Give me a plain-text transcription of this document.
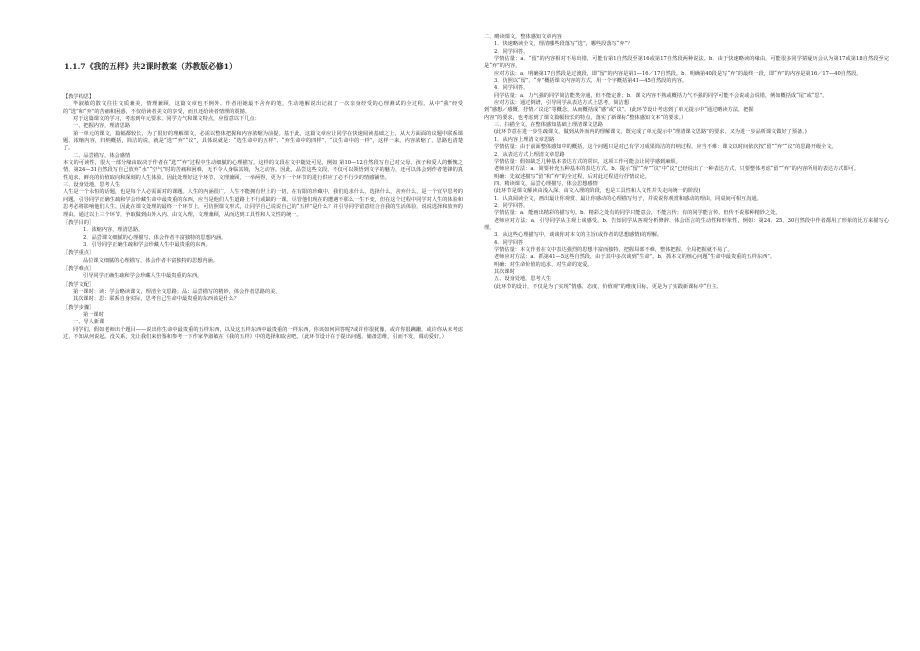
1.1.7《我的五样》共2课时教案（苏教版必修1）

【教学构思】

毕淑敏的散文往往文质兼美，情理兼顾，这篇文章也不例外。作者用她最不舍弃的笔，生动地解说出记叙了一次亲身经受的心理测试的全过程。从中“我”经受的“选”和“弃”的苦痛和困惑，不仅给读者美文的享受，而且还给读者情理的震撼。

对于这篇课文的学习，考虑到年元要求、同学力气和课文特点，应留意以下几点：

一、把握内容，理清思路

第一单元的课文，篇幅都较长，为了很好的理解课文，必需以整体把握和内容浓缩为前提。基于此，这篇文章应让同学在快速阅读基础之上，从大方面面的议题中联系课题、浓缩内容，归纳概括，简洁的说，就是“选”“弃”“议”，具体说就是：“选生命中的五样”、“弃生命中的四样”、“议生命中的一样”，这样一来，内容浓缩了，思路也清楚了。

二、品尝描写，体会感情

本文的可读性，很大一部分缘由取决于作者在“选”“弃”过程中生动细腻的心理描写。这样的文段在文中随处可见，例如 第10—12自然段写自己对父母、孩子和爱人的惭愧之情，第24—31自然段写自己放弃“水”“空气”时的苦痛和困难，无不令人身临其境，为之动容。因此，品尝这些文段，不仅可以领悟到文字的魅力，还可以体会到作者笔锋的真性追求、鲜亮的价值取向和深刻的人生体验。因此处理好这个环节，文理兼顾，一举两得，更为下一个环节的进行供应了必不行少的情感铺垫。

三、设身处地，思考人生

人生是一个永恒的话题，也是每个人必需面对的课题。人生的内涵很广，人生不能拥有世上的一切，在有限的珍藏中，我们追求什么，选择什么，舍弃什么，是一个宜早思考的问题。引导同学正确生疏和学会珍藏生命中最贵重的东西，应当是他们人生道路上不行或缺的一课。尽管他们现在的遭遇不那么一生不变，但在这个过程中同学对人生的体验和思考必将影响他们人生。因此在课文处理的最终一个环节上，可仿照课文形式，让同学自己说说自己的“五样”是什么？并引导同学留意结合自我的生活体验，说说选择和放弃的理由。通过以上三个环节，争取做到由外入内、由文入理，文理兼顾，从而达到工具性和人文性的统一。

［教学目的］

1．浓缩内容，理清思路。

2．品尝课文细腻的心理描写，体会作者丰富独特的思想内涵。

3．引导同学正确生疏和学会珍藏人生中最贵重的东西。

［教学重点］

品位课文细腻的心理描写，体会作者丰富独特的思想内涵。

［教学难点］

引导同学正确生疏和学会珍藏人生中最贵重的东西。

［教学文配］

第一课时：读：学会略读课文，理清全文思路；品：品尝描写的精妙，体会作者思路的美。

其次课时：思：联系自身实际，思考自己生命中最贵重的东西该是什么？

［教学步骤］

第一课时

一、导人新课

同学们，假如老师出个题目——说出你生命中最贵重的五样东西，以及这五样东西中最贵重的一样东西，你该如何回答呢?或许你很犹豫，或许你很蹒跚，或许你从未考虑过，不知从何说起。没关系，先让我们来倍鉴和参考一下作家毕淑敏在《我的五样》中的选择和取舍吧。（此环节设计在于提出问题，储备思维，引而不发，调动爱好。）

二、略读课文，整体感知文章内容

1．快速略读全文，理清哪些段落写“选”，哪些段落写“弃”？

2．同学回答。

学情估量：a．“留”的内容相对不易出错，可能有第1自然段至第16或第17自然段两种说法。b．由于快速略读的缘由，可能很多同学猜疑历会认为第17或第18自然段至完是“弃”的内容。

应对方法：a．明确第17自然段是过渡段，即“留”的内容是第1—16／17自然段。b．明确第40段是写“弃”的最终一段，即“弃”的内容是第16／17—40自然段。

3．仿照以“留”、“弃”概括课文内容的方式，用一个字概括第41—45自然段的内容。

4．同学回答。

同学估量：a．力气强的同学简洁能类旁通，但不能定准；b．课文内容不熟或概括力气不强的同学可能不会说或会说错，例如概括成“尾”或“思”。

应对方法：通过倒谱，引导同学从表达方式上思考，简洁想

到“感想／感慨、抒情／议论”等概念，从而概括成“感”或“议”。(此环节设计考虑到了单元提示中“通过略读方法，把握

内容”的要求，也考虑到了课文篇幅较长的特点，落实了新课标“整体感知文本”的要求。）

三、扫描全文，在整体感知基础上理清课文思路

(此环节意在进一步生疏课文，做到从外而内的理解课文，既完成了单元提示中“理清课文思路”的要求，又为进一步品析课文做好了预备。)

1．从内容上理清文章思路

学情估量：由于前面整体感知中的概括，这个问题只是对已有学习成果简洁的归纳过程，应当不难：课文以时间依次按“留”“弃”“议”的思路开级全文。

2．从表达方式上理清文章思路

学情估量：假如缺乏几种基本表达方式的常识，这项工作可能会让同学感到麻烦。

老师应对方法：a．简要补充五种基本的表达方式。b．提示“留”“弃”“议”中“议”已经说出了一种表达方式，只要整体考虑“留”“弃”的内容所用的表达方式即可。

明确：先叙述描写“留”和“弃”的全过程，后对此过程进行抒情议论。

四、精读课文，品尝心理描写，体会思想感情

(此环节是课文解读由浅入深、由文入理的阶段，也是工具性和人文性并失走向统一的阶段)

1．认真阅读全文，画出最让你观赏、最让你感动的心理描写句子，并说说你观赏和感动的理由，同桌间可相互沟通。

2．同学回答。

学情估量：a．能画出精彩的描写句。b．精彩之处有的同学只能意会，不能言传；有的同学能言传，但传不说那种精妙之处。

老师应对方法：a．引导同学从主观上谈感受。b．告知同学从客观分析修辞、体会语言的生动性和形象性，例如：第24、25、30自然段中作者都用了形象的比方来描写心理。

3．从这些心理描写中，谈谈你对本文的主旨(或作者的思想感情)的理解。

4．同学回答

学情估量：本文作者在文中表达强烈的思想丰富而独特，把握局部不难，整体把握、全局把握就不易了。

老师应对方法：a．抓第41—5这些自然段，由于其中多次谈到“生命”。b．抓本文的核心问题“生命中最贵重的五样东西”。

明确：对生命价值的追求、对生命的宠爱。

其次课时

五、设身处地，思考人生

(此环节的设计，不仅是为了实现“情感、态度、价值观”的维度目标，更是为了实践新课标中“自主、
